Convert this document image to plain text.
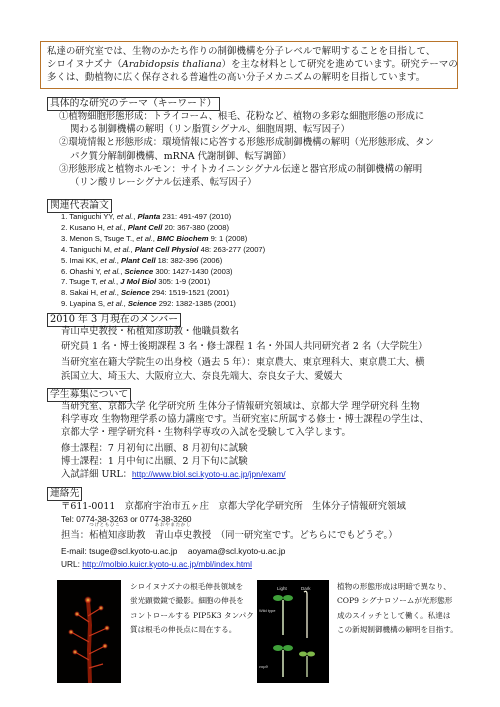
私達の研究室では、生物のかたち作りの制御機構を分子レベルで解明することを目指して、
シロイヌナズナ（Arabidopsis thaliana）を主な材料として研究を進めています。研究テーマの
多くは、動植物に広く保存される普遍性の高い分子メカニズムの解明を目指しています。
具体的な研究のテーマ（キーワード）
①植物細胞形態形成：トライコーム、根毛、花粉など、植物の多彩な細胞形態の形成に
関わる制御機構の解明（リン脂質シグナル、細胞周期、転写因子）
②環境情報と形態形成：環境情報に応答する形態形成制御機構の解明（光形態形成、タン
パク質分解制御機構、mRNA 代謝制御、転写調節）
③形態形成と植物ホルモン：サイトカイニンシグナル伝達と器官形成の制御機構の解明
（リン酸リレーシグナル伝達系、転写因子）
関連代表論文
1. Taniguchi YY, et al., Planta 231: 491-497 (2010)
2. Kusano H, et al., Plant Cell 20: 367-380 (2008)
3. Menon S, Tsuge T., et al., BMC Biochem 9: 1 (2008)
4. Taniguchi M, et al., Plant Cell Physiol 48: 263-277 (2007)
5. Imai KK, et al., Plant Cell 18: 382-396 (2006)
6. Ohashi Y, et al., Science 300: 1427-1430 (2003)
7. Tsuge T, et al., J Mol Biol 305: 1-9 (2001)
8. Sakai H, et al., Science 294: 1519-1521 (2001)
9. Lyapina S, et al., Science 292: 1382-1385 (2001)
2010 年 3 月現在のメンバー
青山卓史教授・柘植知彦助教・他職員数名
研究員 1 名・博士後期課程 3 名・修士課程 1 名・外国人共同研究者 2 名（大学院生）
当研究室在籍大学院生の出身校（過去 5 年）：東京農大、東京理科大、東京農工大、横
浜国立大、埼玉大、大阪府立大、奈良先端大、奈良女子大、愛媛大
学生募集について
当研究室、京都大学 化学研究所 生体分子情報研究領域は、京都大学 理学研究科 生物
科学専攻 生物物理学系の協力講座です。当研究室に所属する修士・博士課程の学生は、
京都大学・理学研究科・生物科学専攻の入試を受験して入学します。
修士課程：7 月初旬に出願、8 月初旬に試験
博士課程：1 月中旬に出願、2 月下旬に試験
入試詳細 URL：http://www.biol.sci.kyoto-u.ac.jp/jpn/exam/
連絡先
〒611-0011　京都府宇治市五ヶ庄　京都大学化学研究所　生体分子情報研究領域
Tel: 0774-38-3263 or 0774-38-3260
担当：
つげともひこ
柘植知彦助教　
あおやまたかし
青山卓史教授　（同一研究室です。どちらにでもどうぞ。）
E-mail: tsuge@scl.kyoto-u.ac.jp　 aoyama@scl.kyoto-u.ac.jp
URL: http://molbio.kuicr.kyoto-u.ac.jp/mbl/index.html
シロイヌナズナの根毛伸長領域を
蛍光顕微鏡で撮影。細胞の伸長を
コントロールする PIP5K3 タンパク
質は根毛の伸長点に局在する。
Light	Dark
Wild type
cop9
植物の形態形成は明暗で異なり、
COP9 シグナロソームが光形態形
成のスイッチとして働く。私達は
この新規制御機構の解明を目指す。
